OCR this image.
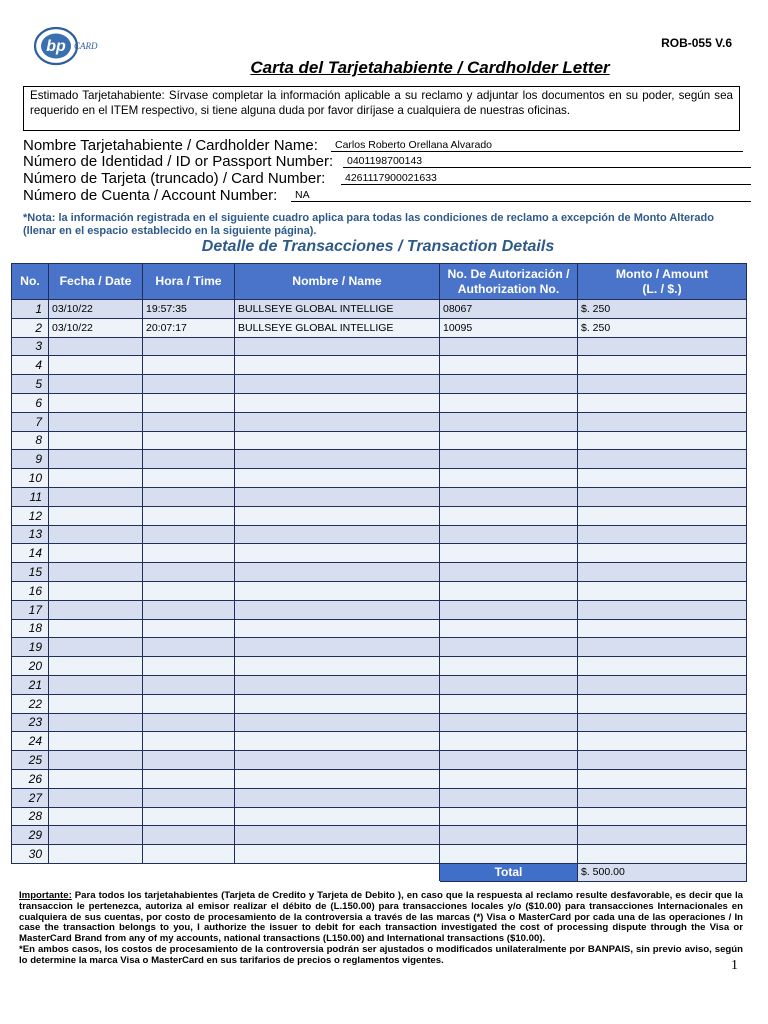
bp CARD	ROB-055 V.6
Carta del Tarjetahabiente / Cardholder Letter
Estimado Tarjetahabiente: Sírvase completar la información aplicable a su reclamo y adjuntar los documentos en su poder, según sea requerido en el ITEM respectivo, si tiene alguna duda por favor diríjase a cualquiera de nuestras oficinas.
Nombre Tarjetahabiente / Cardholder Name:	Carlos Roberto Orellana Alvarado
Número de Identidad / ID or Passport Number:	0401198700143
Número de Tarjeta (truncado) / Card Number:	4261117900021633
Número de Cuenta / Account Number:	NA
*Nota: la información registrada en el siguiente cuadro aplica para todas las condiciones de reclamo a excepción de Monto Alterado (llenar en el espacio establecido en la siguiente página).
Detalle de Transacciones / Transaction Details
No.	Fecha / Date	Hora / Time	Nombre / Name	No. De Autorización /
Authorization No.	Monto / Amount
(L. / $.)
1	03/10/22	19:57:35	BULLSEYE GLOBAL INTELLIGE	08067	$. 250
2	03/10/22	20:07:17	BULLSEYE GLOBAL INTELLIGE	10095	$. 250
3					
4					
5					
6					
7					
8					
9					
10					
11					
12					
13					
14					
15					
16					
17					
18					
19					
20					
21					
22					
23					
24					
25					
26					
27					
28					
29					
30					
				Total	$. 500.00
Importante: Para todos los tarjetahabientes (Tarjeta de Credito y Tarjeta de Debito ), en caso que la respuesta al reclamo resulte desfavorable, es decir que la transaccion le pertenezca, autoriza al emisor realizar el débito de (L.150.00) para transacciones locales y/o ($10.00) para transacciones Internacionales en cualquiera de sus cuentas, por costo de procesamiento de la controversia a través de las marcas (*) Visa o MasterCard por cada una de las operaciones / In case the transaction belongs to you, I authorize the issuer to debit for each transaction investigated the cost of processing dispute through the Visa or MasterCard Brand from any of my accounts, national transactions (L150.00) and International transactions ($10.00).
*En ambos casos, los costos de procesamiento de la controversia podrán ser ajustados o modificados unilateralmente por BANPAIS, sin previo aviso, según lo determine la marca Visa o MasterCard en sus tarifarios de precios o reglamentos vigentes.	1
